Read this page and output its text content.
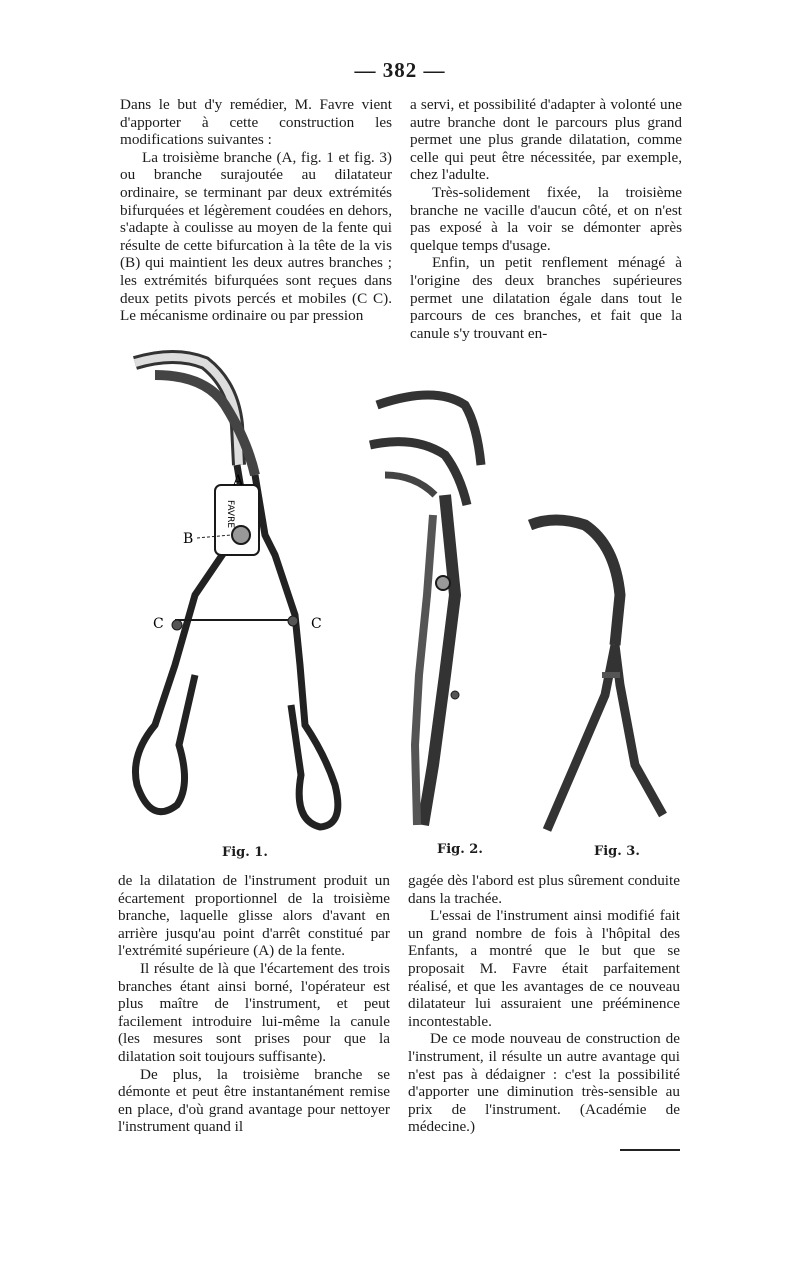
— 382 —

Dans le but d'y remédier, M. Favre vient d'apporter à cette construction les modifications suivantes :

La troisième branche (A, fig. 1 et fig. 3) ou branche surajoutée au dilatateur ordinaire, se terminant par deux extrémités bifurquées et légèrement coudées en dehors, s'adapte à coulisse au moyen de la fente qui résulte de cette bifurcation à la tête de la vis (B) qui maintient les deux autres branches ; les extrémités bifurquées sont reçues dans deux petits pivots percés et mobiles (C C). Le mécanisme ordinaire ou par pression

a servi, et possibilité d'adapter à volonté une autre branche dont le parcours plus grand permet une plus grande dilatation, comme celle qui peut être nécessitée, par exemple, chez l'adulte.

Très-solidement fixée, la troisième branche ne vacille d'aucun côté, et on n'est pas exposé à la voir se démonter après quelque temps d'usage.

Enfin, un petit renflement ménagé à l'origine des deux branches supérieures permet une dilatation égale dans tout le parcours de ces branches, et fait que la canule s'y trouvant en-

A
FAVRE
B
C	C
Fig. 1.	Fig. 2.	Fig. 3.

de la dilatation de l'instrument produit un écartement proportionnel de la troisième branche, laquelle glisse alors d'avant en arrière jusqu'au point d'arrêt constitué par l'extrémité supérieure (A) de la fente.

Il résulte de là que l'écartement des trois branches étant ainsi borné, l'opérateur est plus maître de l'instrument, et peut facilement introduire lui-même la canule (les mesures sont prises pour que la dilatation soit toujours suffisante).

De plus, la troisième branche se démonte et peut être instantanément remise en place, d'où grand avantage pour nettoyer l'instrument quand il

gagée dès l'abord est plus sûrement conduite dans la trachée.

L'essai de l'instrument ainsi modifié fait un grand nombre de fois à l'hôpital des Enfants, a montré que le but que se proposait M. Favre était parfaitement réalisé, et que les avantages de ce nouveau dilatateur lui assuraient une prééminence incontestable.

De ce mode nouveau de construction de l'instrument, il résulte un autre avantage qui n'est pas à dédaigner : c'est la possibilité d'apporter une diminution très-sensible au prix de l'instrument. (Académie de médecine.)
